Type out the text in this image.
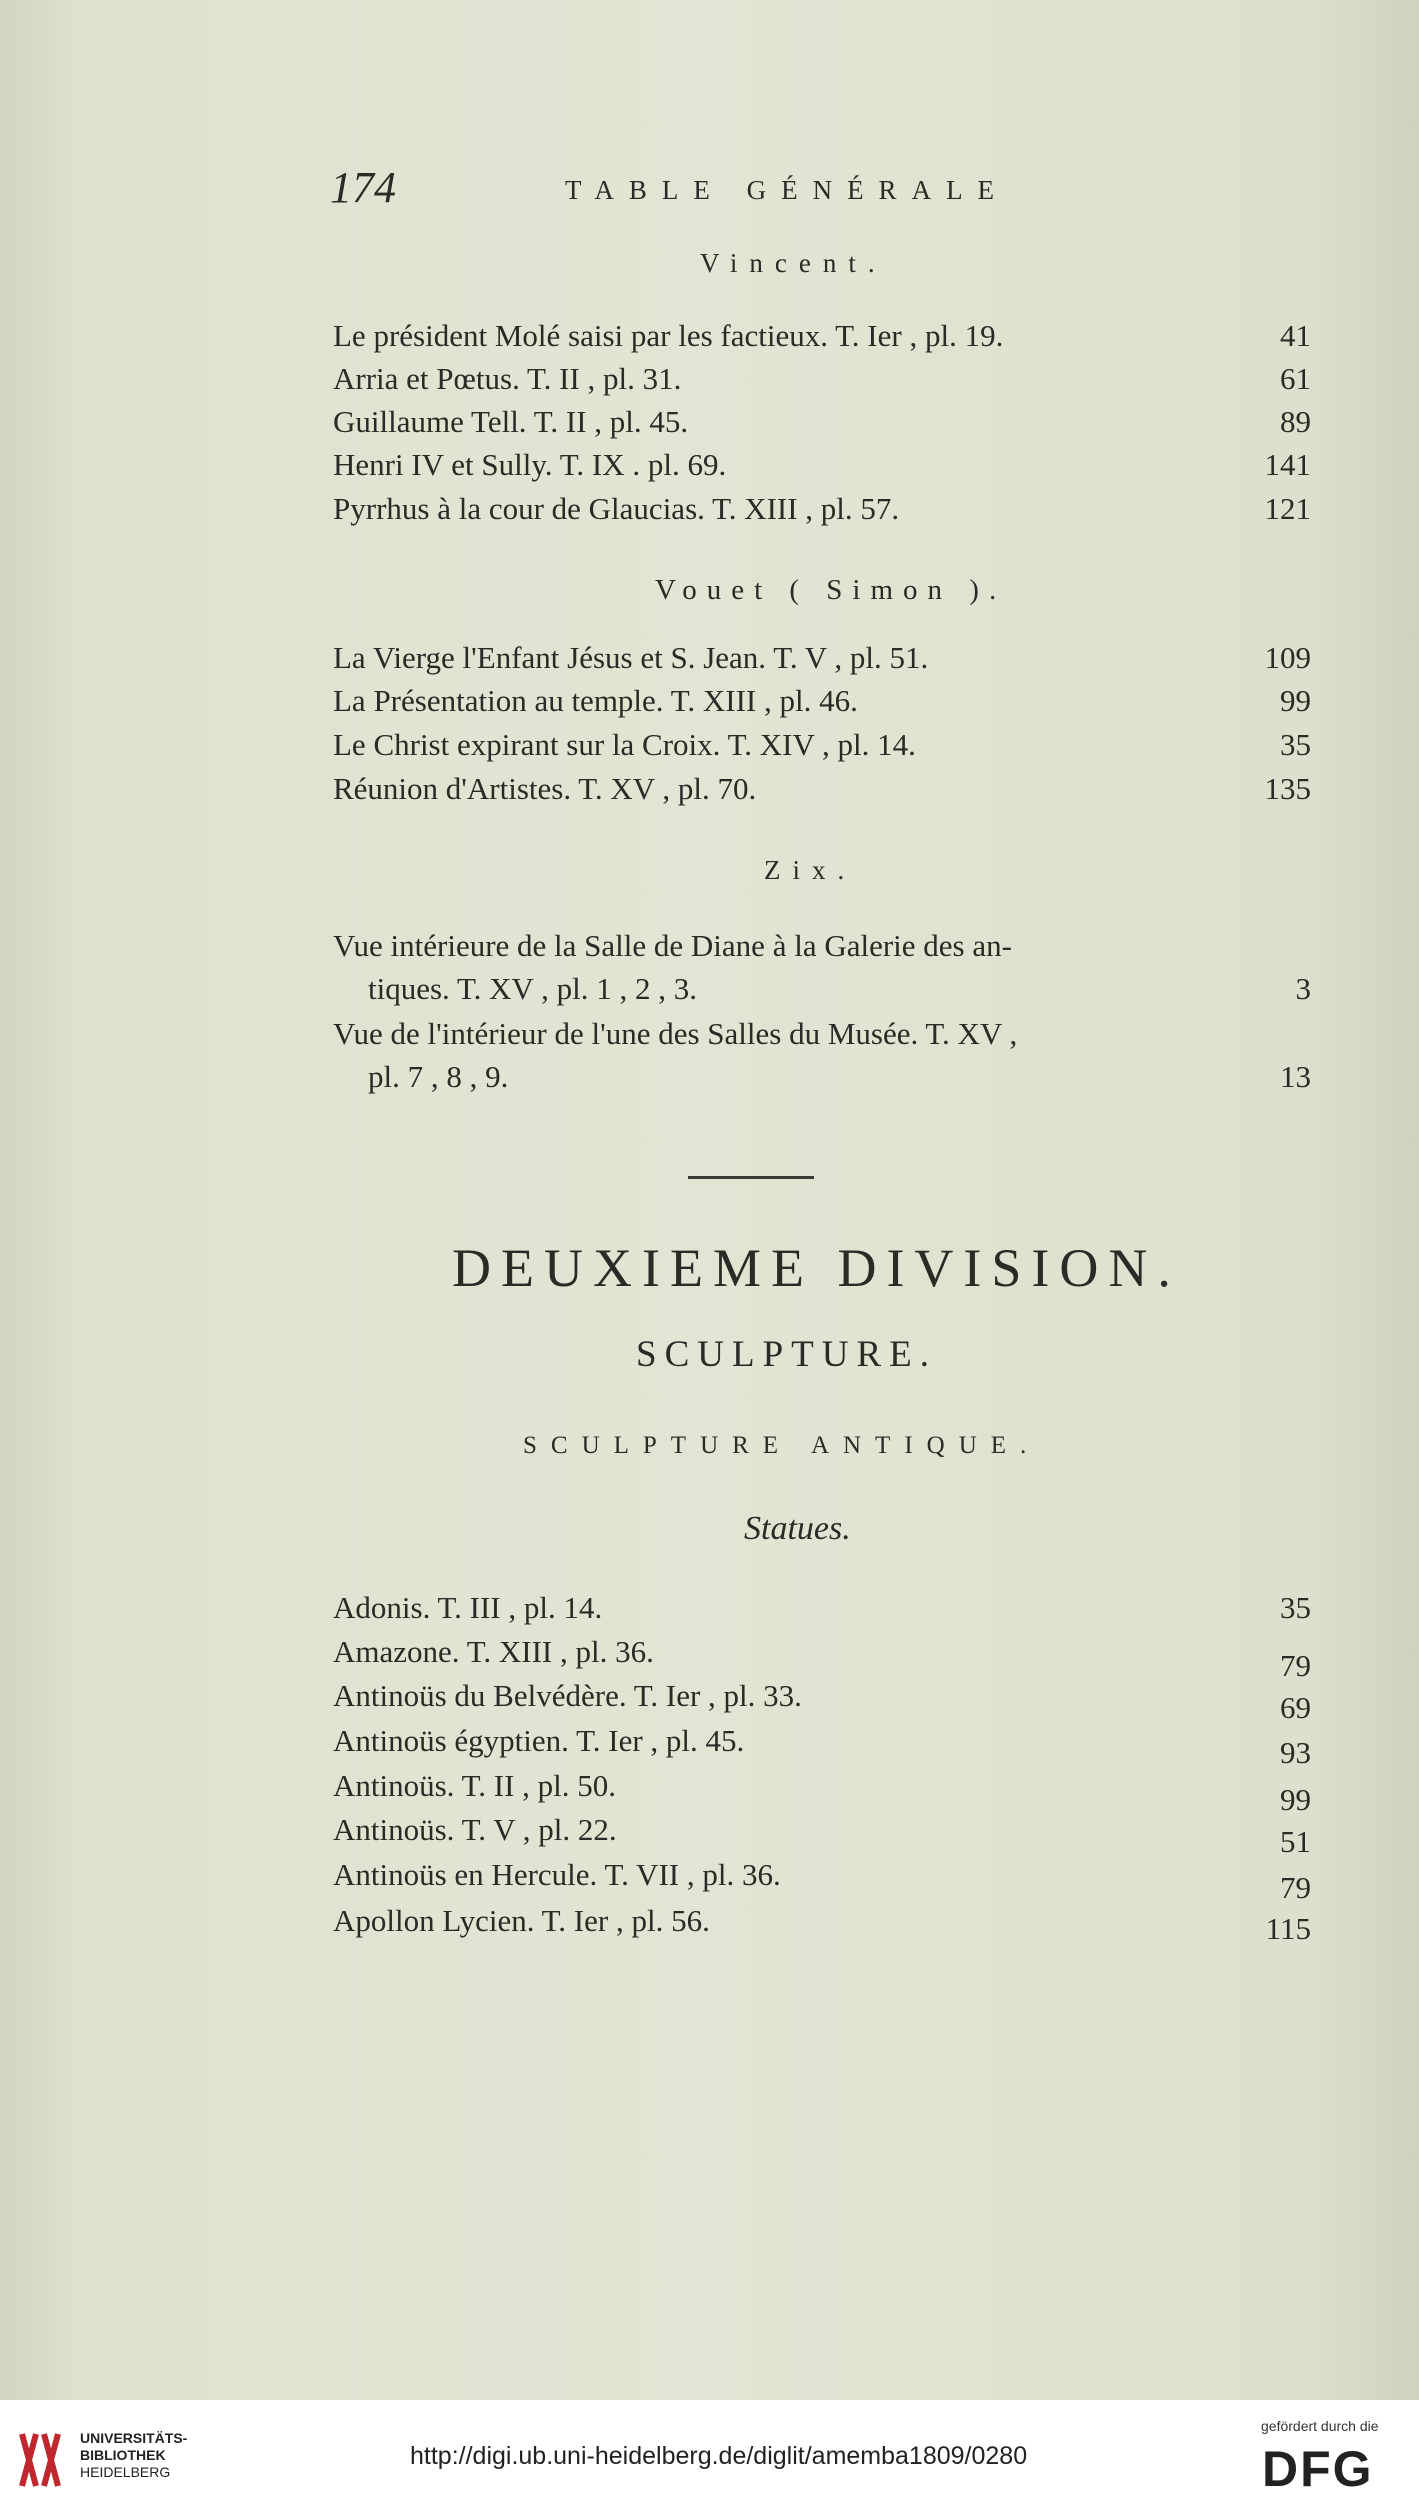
174	TABLE GÉNÉRALE
Vincent.
Le président Molé saisi par les factieux. T. Ier , pl. 19.	41
Arria et Pœtus. T. II , pl. 31.	61
Guillaume Tell. T. II , pl. 45.	89
Henri IV et Sully. T. IX . pl. 69.	141
Pyrrhus à la cour de Glaucias. T. XIII , pl. 57.	121
Vouet ( Simon ).
La Vierge l'Enfant Jésus et S. Jean. T. V , pl. 51.	109
La Présentation au temple. T. XIII , pl. 46.	99
Le Christ expirant sur la Croix. T. XIV , pl. 14.	35
Réunion d'Artistes. T. XV , pl. 70.	135
Zix.
Vue intérieure de la Salle de Diane à la Galerie des an-
tiques. T. XV , pl. 1 , 2 , 3.	3
Vue de l'intérieur de l'une des Salles du Musée. T. XV ,
pl. 7 , 8 , 9.	13
DEUXIEME DIVISION.
SCULPTURE.
SCULPTURE ANTIQUE.
Statues.
Adonis. T. III , pl. 14.	35
Amazone. T. XIII , pl. 36.	79
Antinoüs du Belvédère. T. Ier , pl. 33.	69
Antinoüs égyptien. T. Ier , pl. 45.	93
Antinoüs. T. II , pl. 50.	99
Antinoüs. T. V , pl. 22.	51
Antinoüs en Hercule. T. VII , pl. 36.	79
Apollon Lycien. T. Ier , pl. 56.	115
UNIVERSITÄTS-
BIBLIOTHEK
HEIDELBERG
http://digi.ub.uni-heidelberg.de/diglit/amemba1809/0280
gefördert durch die
DFG
